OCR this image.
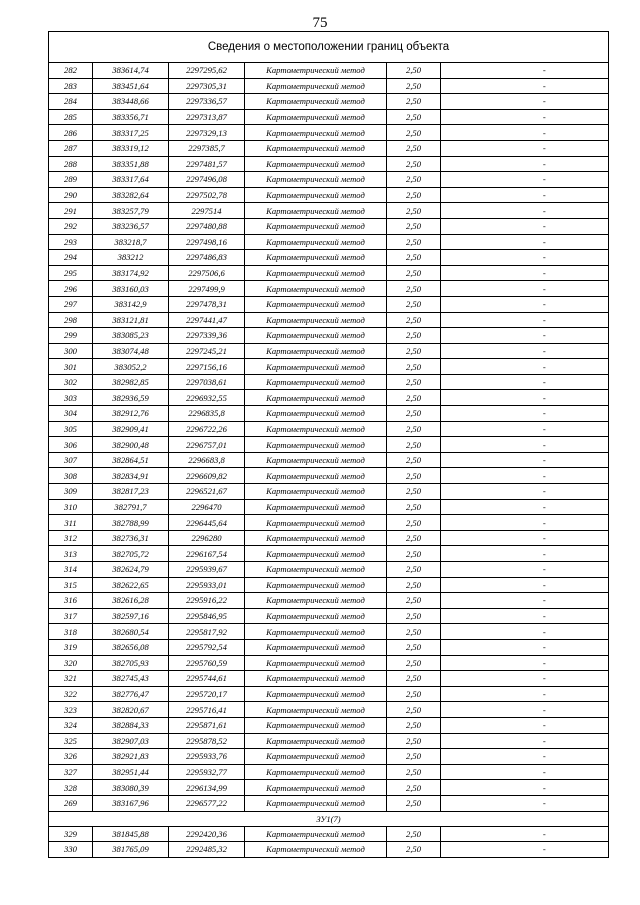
75
Сведения о местоположении границ объекта						
282	383614,74	2297295,62	Картометрический метод	2,50		-
283	383451,64	2297305,31	Картометрический метод	2,50		-
284	383448,66	2297336,57	Картометрический метод	2,50		-
285	383356,71	2297313,87	Картометрический метод	2,50		-
286	383317,25	2297329,13	Картометрический метод	2,50		-
287	383319,12	2297385,7	Картометрический метод	2,50		-
288	383351,88	2297481,57	Картометрический метод	2,50		-
289	383317,64	2297496,08	Картометрический метод	2,50		-
290	383282,64	2297502,78	Картометрический метод	2,50		-
291	383257,79	2297514	Картометрический метод	2,50		-
292	383236,57	2297480,88	Картометрический метод	2,50		-
293	383218,7	2297498,16	Картометрический метод	2,50		-
294	383212	2297486,83	Картометрический метод	2,50		-
295	383174,92	2297506,6	Картометрический метод	2,50		-
296	383160,03	2297499,9	Картометрический метод	2,50		-
297	383142,9	2297478,31	Картометрический метод	2,50		-
298	383121,81	2297441,47	Картометрический метод	2,50		-
299	383085,23	2297339,36	Картометрический метод	2,50		-
300	383074,48	2297245,21	Картометрический метод	2,50		-
301	383052,2	2297156,16	Картометрический метод	2,50		-
302	382982,85	2297038,61	Картометрический метод	2,50		-
303	382936,59	2296932,55	Картометрический метод	2,50		-
304	382912,76	2296835,8	Картометрический метод	2,50		-
305	382909,41	2296722,26	Картометрический метод	2,50		-
306	382900,48	2296757,01	Картометрический метод	2,50		-
307	382864,51	2296683,8	Картометрический метод	2,50		-
308	382834,91	2296609,82	Картометрический метод	2,50		-
309	382817,23	2296521,67	Картометрический метод	2,50		-
310	382791,7	2296470	Картометрический метод	2,50		-
311	382788,99	2296445,64	Картометрический метод	2,50		-
312	382736,31	2296280	Картометрический метод	2,50		-
313	382705,72	2296167,54	Картометрический метод	2,50		-
314	382624,79	2295939,67	Картометрический метод	2,50		-
315	382622,65	2295933,01	Картометрический метод	2,50		-
316	382616,28	2295916,22	Картометрический метод	2,50		-
317	382597,16	2295846,95	Картометрический метод	2,50		-
318	382680,54	2295817,92	Картометрический метод	2,50		-
319	382656,08	2295792,54	Картометрический метод	2,50		-
320	382705,93	2295760,59	Картометрический метод	2,50		-
321	382745,43	2295744,61	Картометрический метод	2,50		-
322	382776,47	2295720,17	Картометрический метод	2,50		-
323	382820,67	2295716,41	Картометрический метод	2,50		-
324	382884,33	2295871,61	Картометрический метод	2,50		-
325	382907,03	2295878,52	Картометрический метод	2,50		-
326	382921,83	2295933,76	Картометрический метод	2,50		-
327	382951,44	2295932,77	Картометрический метод	2,50		-
328	383080,39	2296134,99	Картометрический метод	2,50		-
269	383167,96	2296577,22	Картометрический метод	2,50		-
ЗУ1(7)						
329	381845,88	2292420,36	Картометрический метод	2,50		-
330	381765,09	2292485,32	Картометрический метод	2,50		-
